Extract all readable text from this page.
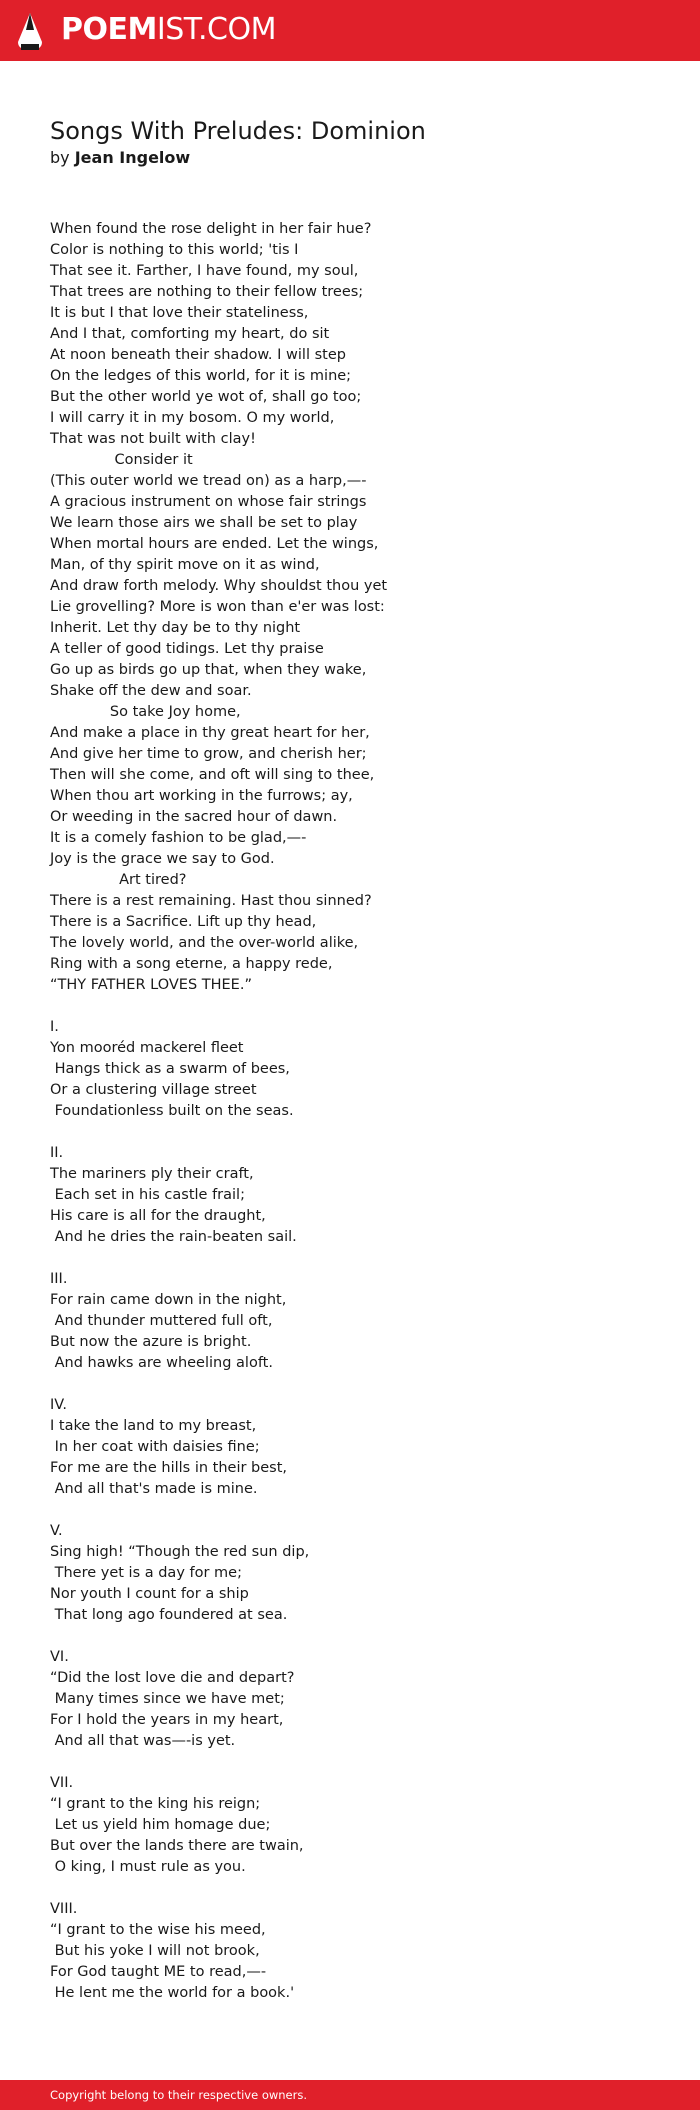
POEMIST.COM
Songs With Preludes: Dominion
by Jean Ingelow
When found the rose delight in her fair hue?
Color is nothing to this world; 'tis I
That see it. Farther, I have found, my soul,
That trees are nothing to their fellow trees;
It is but I that love their stateliness,
And I that, comforting my heart, do sit
At noon beneath their shadow. I will step
On the ledges of this world, for it is mine;
But the other world ye wot of, shall go too;
I will carry it in my bosom. O my world,
That was not built with clay!
Consider it
(This outer world we tread on) as a harp,—-
A gracious instrument on whose fair strings
We learn those airs we shall be set to play
When mortal hours are ended. Let the wings,
Man, of thy spirit move on it as wind,
And draw forth melody. Why shouldst thou yet
Lie grovelling? More is won than e'er was lost:
Inherit. Let thy day be to thy night
A teller of good tidings. Let thy praise
Go up as birds go up that, when they wake,
Shake off the dew and soar.
So take Joy home,
And make a place in thy great heart for her,
And give her time to grow, and cherish her;
Then will she come, and oft will sing to thee,
When thou art working in the furrows; ay,
Or weeding in the sacred hour of dawn.
It is a comely fashion to be glad,—-
Joy is the grace we say to God.
Art tired?
There is a rest remaining. Hast thou sinned?
There is a Sacrifice. Lift up thy head,
The lovely world, and the over-world alike,
Ring with a song eterne, a happy rede,
“THY FATHER LOVES THEE.”

I.
Yon mooréd mackerel fleet
Hangs thick as a swarm of bees,
Or a clustering village street
Foundationless built on the seas.

II.
The mariners ply their craft,
Each set in his castle frail;
His care is all for the draught,
And he dries the rain-beaten sail.

III.
For rain came down in the night,
And thunder muttered full oft,
But now the azure is bright.
And hawks are wheeling aloft.

IV.
I take the land to my breast,
In her coat with daisies fine;
For me are the hills in their best,
And all that's made is mine.

V.
Sing high! “Though the red sun dip,
There yet is a day for me;
Nor youth I count for a ship
That long ago foundered at sea.

VI.
“Did the lost love die and depart?
Many times since we have met;
For I hold the years in my heart,
And all that was—-is yet.

VII.
“I grant to the king his reign;
Let us yield him homage due;
But over the lands there are twain,
O king, I must rule as you.

VIII.
“I grant to the wise his meed,
But his yoke I will not brook,
For God taught ME to read,—-
He lent me the world for a book.'
Copyright belong to their respective owners.
